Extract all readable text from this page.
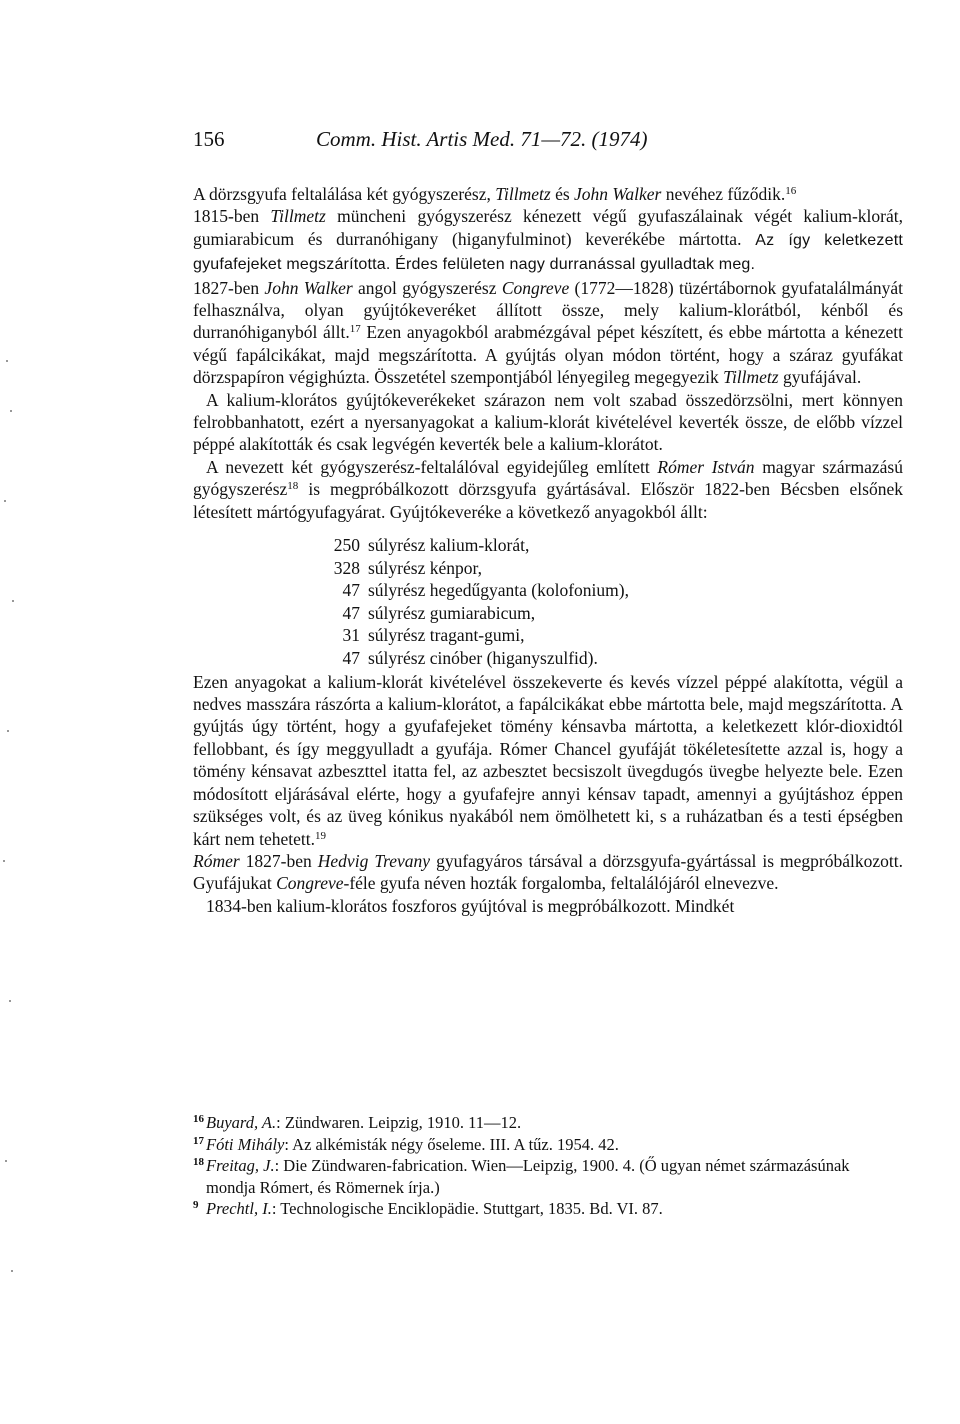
156	Comm. Hist. Artis Med. 71—72. (1974)

A dörzsgyufa feltalálása két gyógyszerész, Tillmetz és John Walker nevéhez fűződik.$^{16}$

1815-ben Tillmetz müncheni gyógyszerész kénezett végű gyufaszálainak végét kalium-klorát, gumiarabicum és durranóhigany (higanyfulminot) keverékébe mártotta. Az így keletkezett gyufafejeket megszárította. Érdes felületen nagy durranással gyulladtak meg.

1827-ben John Walker angol gyógyszerész Congreve (1772—1828) tüzértábornok gyufatalálmányát felhasználva, olyan gyújtókeveréket állított össze, mely kalium-klorátból, kénből és durranóhiganyból állt.$^{17}$ Ezen anyagokból arabmézgával pépet készített, és ebbe mártotta a kénezett végű fapálcikákat, majd megszárította. A gyújtás olyan módon történt, hogy a száraz gyufákat dörzspapíron végighúzta. Összetétel szempontjából lényegileg megegyezik Tillmetz gyufájával.

A kalium-klorátos gyújtókeverékeket szárazon nem volt szabad összedörzsölni, mert könnyen felrobbanhatott, ezért a nyersanyagokat a kalium-klorát kivételével keverték össze, de előbb vízzel péppé alakították és csak legvégén keverték bele a kalium-klorátot.

A nevezett két gyógyszerész-feltalálóval egyidejűleg említett Rómer István magyar származású gyógyszerész$^{18}$ is megpróbálkozott dörzsgyufa gyártásával. Először 1822-ben Bécsben elsőnek létesített mártógyufagyárat. Gyújtókeveréke a következő anyagokból állt:

250 súlyrész kalium-klorát,
328 súlyrész kénpor,
47 súlyrész hegedűgyanta (kolofonium),
47 súlyrész gumiarabicum,
31 súlyrész tragant-gumi,
47 súlyrész cinóber (higanyszulfid).

Ezen anyagokat a kalium-klorát kivételével összekeverte és kevés vízzel péppé alakította, végül a nedves masszára rászórta a kalium-klorátot, a fapálcikákat ebbe mártotta bele, majd megszárította. A gyújtás úgy történt, hogy a gyufafejeket tömény kénsavba mártotta, a keletkezett klór-dioxidtól fellobbant, és így meggyulladt a gyufája. Rómer Chancel gyufáját tökéletesítette azzal is, hogy a tömény kénsavat azbeszttel itatta fel, az azbesztet becsiszolt üvegdugós üvegbe helyezte bele. Ezen módosított eljárásával elérte, hogy a gyufafejre annyi kénsav tapadt, amennyi a gyújtáshoz éppen szükséges volt, és az üveg kónikus nyakából nem ömölhetett ki, s a ruházatban és a testi épségben kárt nem tehetett.$^{19}$

Rómer 1827-ben Hedvig Trevany gyufagyáros társával a dörzsgyufa-gyártással is megpróbálkozott. Gyufájukat Congreve-féle gyufa néven hozták forgalomba, feltalálójáról elnevezve.

1834-ben kalium-klorátos foszforos gyújtóval is megpróbálkozott. Mindkét

16 Buyard, A.: Zündwaren. Leipzig, 1910. 11—12.
17 Fóti Mihály: Az alkémisták négy őseleme. III. A tűz. 1954. 42.
18 Freitag, J.: Die Zündwaren-fabrication. Wien—Leipzig, 1900. 4. (Ő ugyan német származásúnak mondja Rómert, és Römernek írja.)
9 Prechtl, I.: Technologische Enciklopädie. Stuttgart, 1835. Bd. VI. 87.
